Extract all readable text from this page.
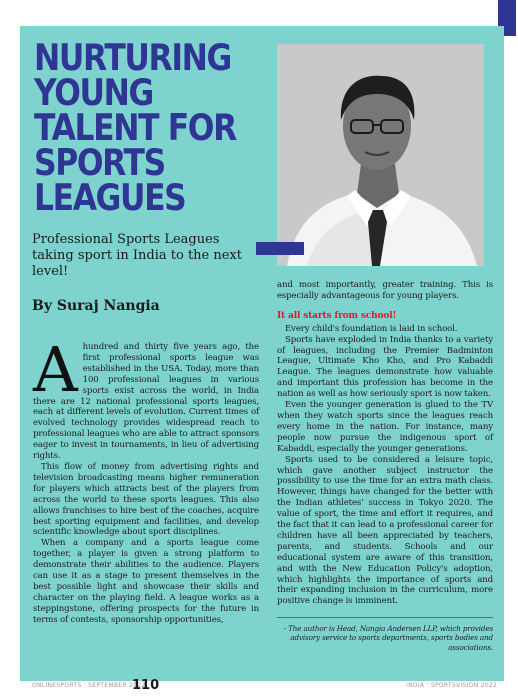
NURTURING YOUNG TALENT FOR SPORTS LEAGUES

Professional Sports Leagues taking sport in India to the next level!

By Suraj Nangia

A hundred and thirty five years ago, the first professional sports league was established in the USA. Today, more than 100 professional leagues in various sports exist across the world, in India there are 12 national professional sports leagues, each at different levels of evolution. Current times of evolved technology provides widespread reach to professional leagues who are able to attract sponsors eager to invest in tournaments, in lieu of advertising rights.

This flow of money from advertising rights and television broadcasting means higher remuneration for players which attracts best of the players from across the world to these sports leagues. This also allows franchises to hire best of the coaches, acquire best sporting equipment and facilities, and develop scientific knowledge about sport disciplines.

When a company and a sports league come together, a player is given a strong platform to demonstrate their abilities to the audience. Players can use it as a stage to present themselves in the best possible light and showcase their skills and character on the playing field. A league works as a steppingstone, offering prospects for the future in terms of contests, sponsorship opportunities,

and most importantly, greater training. This is especially advantageous for young players.

It all starts from school!

Every child's foundation is laid in school.

Sports have exploded in India thanks to a variety of leagues, including the Premier Badminton League, Ultimate Kho Kho, and Pro Kabaddi League. The leagues demonstrate how valuable and important this profession has become in the nation as well as how seriously sport is now taken.

Even the younger generation is glued to the TV when they watch sports since the leagues reach every home in the nation. For instance, many people now pursue the indigenous sport of Kabaddi, especially the younger generations.

Sports used to be considered a leisure topic, which gave another subject instructor the possibility to use the time for an extra math class. However, things have changed for the better with the Indian athletes' success in Tokyo 2020. The value of sport, the time and effort it requires, and the fact that it can lead to a professional career for children have all been appreciated by teachers, parents, and students. Schools and our educational system are aware of this transition, and with the New Education Policy's adoption, which highlights the importance of sports and their expanding inclusion in the curriculum, more positive change is imminent.

- The author is Head, Nangia Andersen LLP, which provides advisory service to sports departments, sports bodies and associations.

ONLINESPORTS · SEPTEMBER 2022
110	INDIA · SPORTSVISION 2022
